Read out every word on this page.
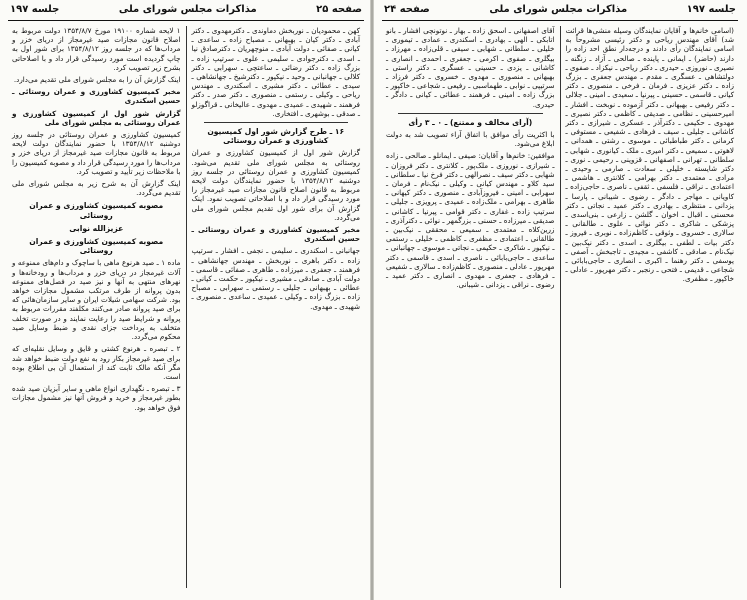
صفحه ۲۵
مذاکرات مجلس شورای ملی
جلسه ۱۹۷

کهن ـ محمودیان ـ نوربخش دماوندی ـ دکترمهدوی ـ دکتر آبادی ـ دکتر کیان ـ بهبهانی ـ مصباح زاده ـ ساعدی ـ کیانی ـ صفائی ـ دولت آبادی ـ منوچهریان ـ دکترصادق نیا ـ اسدی ـ دکترجوادی ـ سلیمی ـ علوی ـ سرتیپ زاده ـ بزرگ زاده ـ دکتر رضائی ـ ساعتچی ـ سهرابی ـ دکتر کلالی ـ جهانبانی ـ وحید ـ نیکپور ـ دکترشیخ ـ جهانشاهی ـ سیدی ـ عطائی ـ دکتر مشیری ـ اسکندری ـ مهندس ریاحی ـ وکیلی ـ رستمی ـ منصوری ـ دکتر صدر ـ دکتر فرهمند ـ شهیدی ـ عمیدی ـ مهدوی ـ عالیخانی ـ قراگوزلو ـ صدقی ـ بوشهری ـ افتخاری.

۱۶ ـ طرح گزارش شور اول کمیسیون کشاورزی و عمران روستائی

گزارش شور اول از کمیسیون کشاورزی و عمران روستائی به مجلس شورای ملی تقدیم می‌شود. کمیسیون کشاورزی و عمران روستائی در جلسه روز دوشنبه ۱۳۵۴/۸/۱۲ با حضور نمایندگان دولت لایحه مربوط به قانون اصلاح قانون مجازات صید غیرمجاز را مورد رسیدگی قرار داد و با اصلاحاتی تصویب نمود. اینک گزارش آن برای شور اول تقدیم مجلس شورای ملی می‌گردد.

مخبر کمیسیون کشاورزی و عمران روستائی ـ حسین اسکندری

جهانبانی ـ اسکندری ـ سلیمی ـ نجفی ـ افشار ـ سرتیپ زاده ـ دکتر باهری ـ نوربخش ـ مهندس جهانشاهی ـ فرهمند ـ جعفری ـ میرزاده ـ طاهری ـ صفائی ـ قاسمی ـ دولت آبادی ـ صادقی ـ مشیری ـ نیکپور ـ حکمت ـ کیانی ـ عطائی ـ بهبهانی ـ جلیلی ـ رستمی ـ سهرابی ـ مصباح زاده ـ بزرگ زاده ـ وکیلی ـ عمیدی ـ ساعدی ـ منصوری ـ شهیدی ـ مهدوی.

۱ لایحه شماره ۱۹۱۰۰ مورخ ۱۳۵۴/۸/۷ دولت مربوط به اصلاح قانون مجازات صید غیرمجاز از دریای خزر و مرداب‌ها که در جلسه روز ۱۳۵۴/۸/۱۲ برای شور اول به چاپ گردیده است مورد رسیدگی قرار داد و با اصلاحاتی بشرح زیر تصویب کرد.

اینک گزارش آن را به مجلس شورای ملی تقدیم می‌دارد.

مخبر کمیسیون کشاورزی و عمران روستائی ـ حسین اسکندری

گزارش شور اول از کمیسیون کشاورزی و عمران روستائی به مجلس شورای ملی

کمیسیون کشاورزی و عمران روستائی در جلسه روز دوشنبه ۱۳۵۴/۸/۱۲ با حضور نمایندگان دولت لایحه مربوط به قانون مجازات صید غیرمجاز از دریای خزر و مرداب‌ها را مورد رسیدگی قرار داد و مصوبه کمیسیون را با ملاحظات زیر تأیید و تصویب کرد.

اینک گزارش آن به شرح زیر به مجلس شورای ملی تقدیم می‌گردد.

مصوبه کمیسیون کشاورزی و عمران روستائی
عزیزالله نوابی
مصوبه کمیسیون کشاورزی و عمران روستائی

ماده ۱ ـ صید هرنوع ماهی با ساچوک و دام‌های ممنوعه و آلات غیرمجاز در دریای خزر و مرداب‌ها و رودخانه‌ها و نهرهای منتهی به آنها و نیز صید در فصل‌های ممنوعه بدون پروانه از طرف مرتکب مشمول مجازات خواهد بود. شرکت سهامی شیلات ایران و سایر سازمان‌هائی که برای صید پروانه صادر می‌کنند مکلفند مقررات مربوط به پروانه و شرایط صید را رعایت نمایند و در صورت تخلف متخلف به پرداخت جزای نقدی و ضبط وسایل صید محکوم می‌گردد.

۲ ـ تبصره ـ هرنوع کشتی و قایق و وسایل نقلیه‌ای که برای صید غیرمجاز بکار رود به نفع دولت ضبط خواهد شد مگر آنکه مالک ثابت کند از استعمال آن بی اطلاع بوده است.

۳ ـ تبصره ـ نگهداری انواع ماهی و سایر آبزیان صید شده بطور غیرمجاز و خرید و فروش آنها نیز مشمول مجازات فوق خواهد بود.

جلسه ۱۹۷
مذاکرات مجلس شورای ملی
صفحه ۲۴

(اسامی خانم‌ها و آقایان نمایندگان وسیله منشی‌ها قرائت شد) آقای مهندس ریاحی و دکتر رئیسی مشروحاً به اسامی نمایندگان رأی دادند و درجه‌دار نطق احد زاده را دارند (حاضر) ـ ایمانی ـ پاینده ـ صالحی ـ آزاد ـ زنگنه ـ نصیری ـ نوروزی ـ حیدری ـ دکتر ریاحی ـ نیکزاد ـ صفوی ـ دولتشاهی ـ عسگری ـ مقدم ـ مهندس جعفری ـ بزرگ زاده ـ دکتر عزیزی ـ فرمان ـ فرخی ـ منصوری ـ دکتر کیانی ـ قاسمی ـ حسینی ـ پیرنیا ـ سعیدی ـ امینی ـ جلالی ـ دکتر رفیعی ـ بهبهانی ـ دکتر آزموده ـ نوبخت ـ افشار ـ امیرحسینی ـ نظامی ـ صدیقی ـ کاظمی ـ دکتر نصیری ـ مهدوی ـ حکیمی ـ دکترآذر ـ عسکری ـ شیرازی ـ دکتر کاشانی ـ جلیلی ـ سیف ـ فرهادی ـ شفیعی ـ مستوفی ـ کرمانی ـ دکتر طباطبائی ـ موسوی ـ رشتی ـ همدانی ـ لاهوتی ـ سمیعی ـ دکتر امیری ـ ملک ـ کیانوری ـ شهابی ـ سلطانی ـ تهرانی ـ اصفهانی ـ قزوینی ـ رحیمی ـ نوری ـ دکتر شایسته ـ خلیلی ـ سعادت ـ صارمی ـ وحیدی ـ مرادی ـ معتمدی ـ دکتر بهرامی ـ کلانتری ـ هاشمی ـ اعتمادی ـ نراقی ـ فلسفی ـ ثقفی ـ ناصری ـ حاجی‌زاده ـ کاویانی ـ مهاجر ـ دادگر ـ رضوی ـ شیبانی ـ پارسا ـ یزدانی ـ منتظری ـ بهادری ـ دکتر عمید ـ نجاتی ـ دکتر محسنی ـ اقبال ـ اخوان ـ گلشن ـ زارعی ـ بنی‌اسدی ـ پزشکی ـ شاکری ـ دکتر نوائی ـ علوی ـ طالقانی ـ سالاری ـ خسروی ـ وثوقی ـ کاظم‌زاده ـ نوبری ـ فیروز ـ دکتر بیات ـ لطفی ـ بیگلری ـ اسدی ـ دکتر نیک‌بین ـ نیک‌نام ـ صادقی ـ کاشفی ـ مجیدی ـ تاجبخش ـ آصفی ـ یوسفی ـ دکتر رهنما ـ اکبری ـ انصاری ـ حاجی‌بابائی ـ شجاعی ـ قدیمی ـ فتحی ـ رنجبر ـ دکتر مهرپور ـ عادلی ـ خاکپور ـ مظفری.

آقای اصفهانی ـ اسحق زاده ـ بهار ـ نوتونچی افشار ـ بانو اتابکی ـ الهی ـ بهادری ـ اسکندری ـ عمادی ـ تیموری ـ خلیلی ـ سلطانی ـ شهابی ـ سیفی ـ قلی‌زاده ـ مهرزاد ـ بیگلری ـ صفوی ـ اکرمی ـ جعفری ـ احمدی ـ انصاری ـ کاشانی ـ یزدی ـ حسینی ـ عسگری ـ دکتر راستی ـ بهبهانی ـ منصوری ـ مهدوی ـ خسروی ـ دکتر فرزاد ـ سرتیپی ـ نوابی ـ طهماسبی ـ رفیعی ـ شجاعی ـ خاکپور ـ بزرگ زاده ـ امینی ـ فرهمند ـ عطائی ـ کیانی ـ دادگر ـ حیدری.

(آرای مخالف و ممتنع) ـ ۰ ـ ۳ رأی

با اکثریت رأی موافق با اتفاق آراء تصویب شد به دولت ابلاغ می‌شود.

موافقین: خانم‌ها و آقایان: صیفی ـ ایمانلو ـ صالحی ـ زاده ـ شیرازی ـ نوروزی ـ ملک‌پور ـ کلانتری ـ دکتر فروزان ـ شهابی ـ دکتر سیف ـ نصرالهی ـ دکتر فرخ نیا ـ سلطانی ـ سید کلاو ـ مهندس کیانی ـ وکیلی ـ نیک‌نام ـ فرمان ـ سهرابی ـ امینی ـ فیروزآبادی ـ منصوری ـ دکتر کیهانی ـ طاهری ـ بهرامی ـ ملک‌زاده ـ عمیدی ـ پرویزی ـ جلیلی ـ سرتیپ زاده ـ غفاری ـ دکتر قوامی ـ پیرنیا ـ کاشانی ـ صدیقی ـ میرزاده ـ حسنی ـ بزرگمهر ـ نوائی ـ دکترآذری ـ زرین‌کلاه ـ معتمدی ـ سمیعی ـ محققی ـ نیک‌بین ـ طالقانی ـ اعتمادی ـ مظفری ـ کاظمی ـ خلیلی ـ رستمی ـ نیکپور ـ شاکری ـ حکیمی ـ نجاتی ـ موسوی ـ جهانبانی ـ ساعدی ـ حاجی‌بابائی ـ ناصری ـ اسدی ـ قاسمی ـ دکتر مهرپور ـ عادلی ـ منصوری ـ کاظم‌زاده ـ سالاری ـ شفیعی ـ فرهادی ـ جعفری ـ مهدوی ـ انصاری ـ دکتر عمید ـ رضوی ـ نراقی ـ یزدانی ـ شیبانی.
